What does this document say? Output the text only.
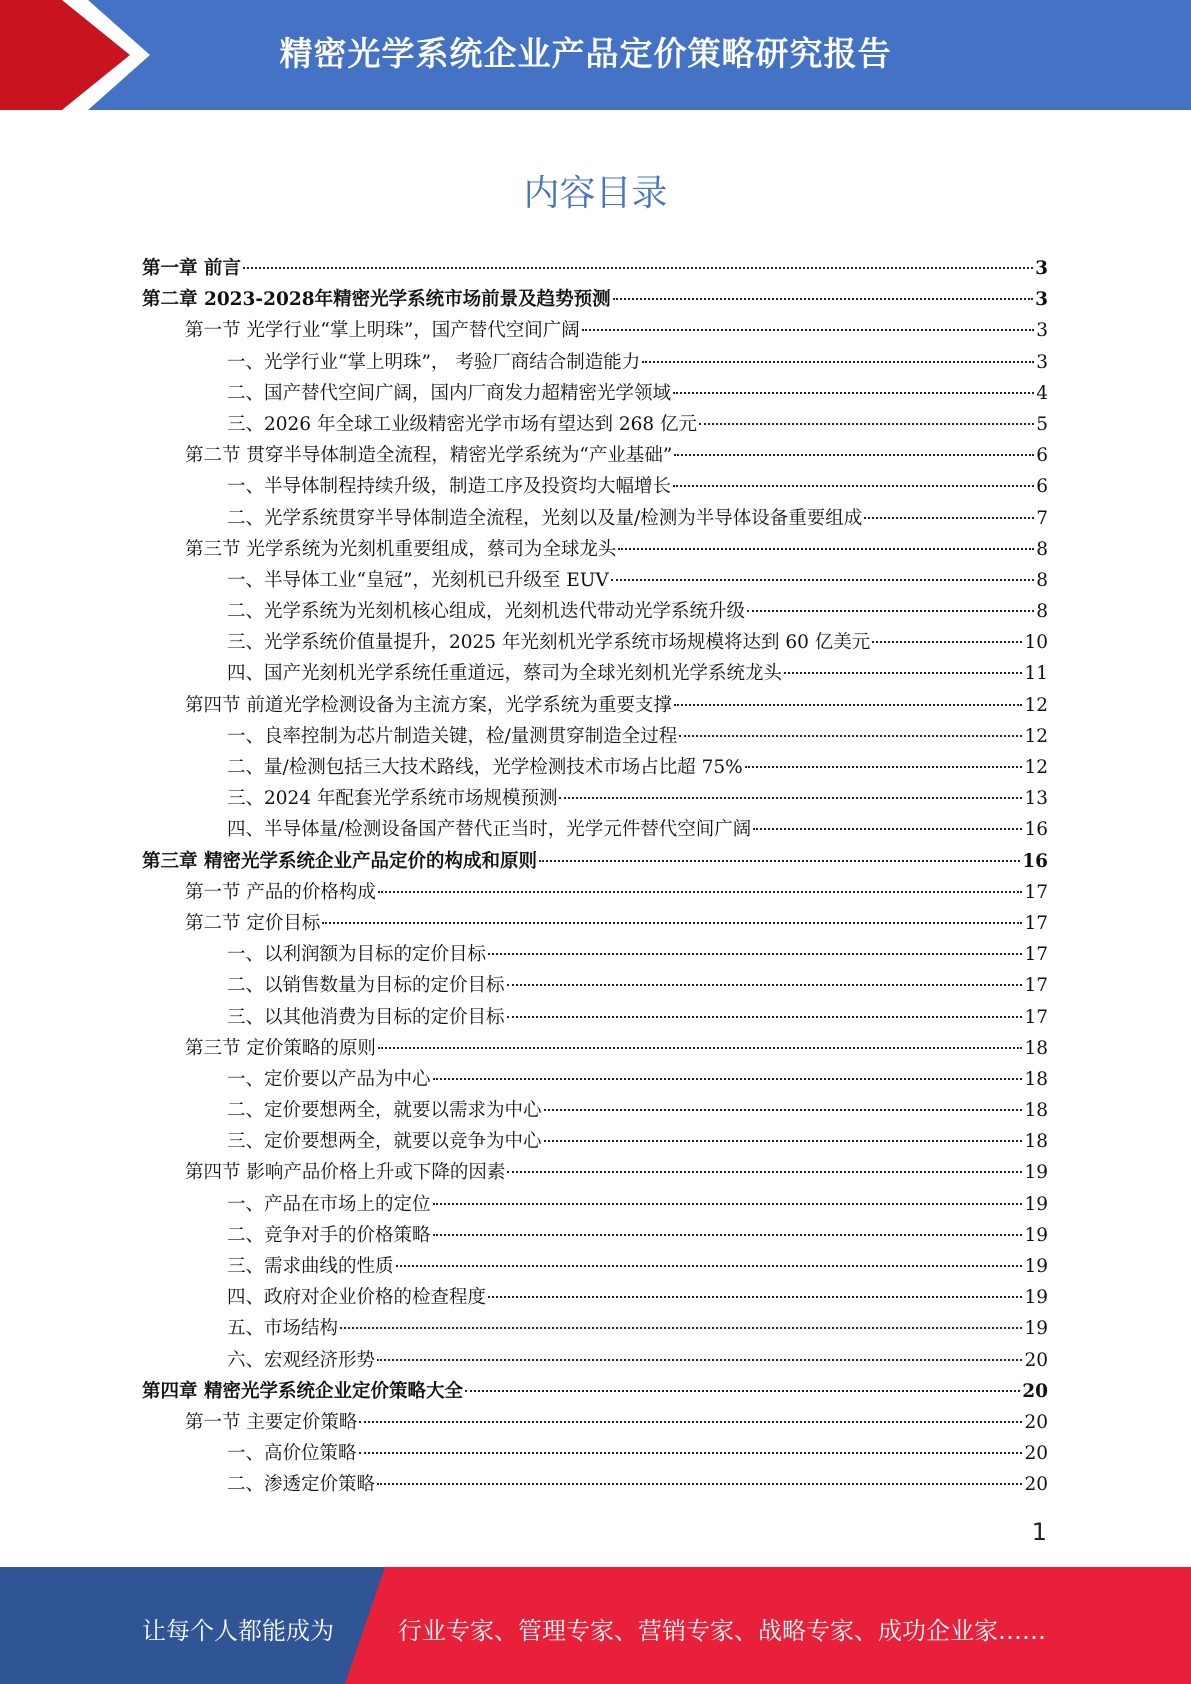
精密光学系统企业产品定价策略研究报告
内容目录
第一章 前言	3
第二章 2023-2028年精密光学系统市场前景及趋势预测	3
第一节 光学行业“掌上明珠”，国产替代空间广阔	3
一、光学行业“掌上明珠”， 考验厂商结合制造能力	3
二、国产替代空间广阔，国内厂商发力超精密光学领域	4
三、2026 年全球工业级精密光学市场有望达到 268 亿元	5
第二节 贯穿半导体制造全流程，精密光学系统为“产业基础”	6
一、半导体制程持续升级，制造工序及投资均大幅增长	6
二、光学系统贯穿半导体制造全流程，光刻以及量/检测为半导体设备重要组成	7
第三节 光学系统为光刻机重要组成，蔡司为全球龙头	8
一、半导体工业“皇冠”，光刻机已升级至 EUV	8
二、光学系统为光刻机核心组成，光刻机迭代带动光学系统升级	8
三、光学系统价值量提升，2025 年光刻机光学系统市场规模将达到 60 亿美元	10
四、国产光刻机光学系统任重道远，蔡司为全球光刻机光学系统龙头	11
第四节 前道光学检测设备为主流方案，光学系统为重要支撑	12
一、良率控制为芯片制造关键，检/量测贯穿制造全过程	12
二、量/检测包括三大技术路线，光学检测技术市场占比超 75%	12
三、2024 年配套光学系统市场规模预测	13
四、半导体量/检测设备国产替代正当时，光学元件替代空间广阔	16
第三章 精密光学系统企业产品定价的构成和原则	16
第一节 产品的价格构成	17
第二节 定价目标	17
一、以利润额为目标的定价目标	17
二、以销售数量为目标的定价目标	17
三、以其他消费为目标的定价目标	17
第三节 定价策略的原则	18
一、定价要以产品为中心	18
二、定价要想两全，就要以需求为中心	18
三、定价要想两全，就要以竞争为中心	18
第四节 影响产品价格上升或下降的因素	19
一、产品在市场上的定位	19
二、竞争对手的价格策略	19
三、需求曲线的性质	19
四、政府对企业价格的检查程度	19
五、市场结构	19
六、宏观经济形势	20
第四章 精密光学系统企业定价策略大全	20
第一节 主要定价策略	20
一、高价位策略	20
二、渗透定价策略	20
1
让每个人都能成为	行业专家、管理专家、营销专家、战略专家、成功企业家……
